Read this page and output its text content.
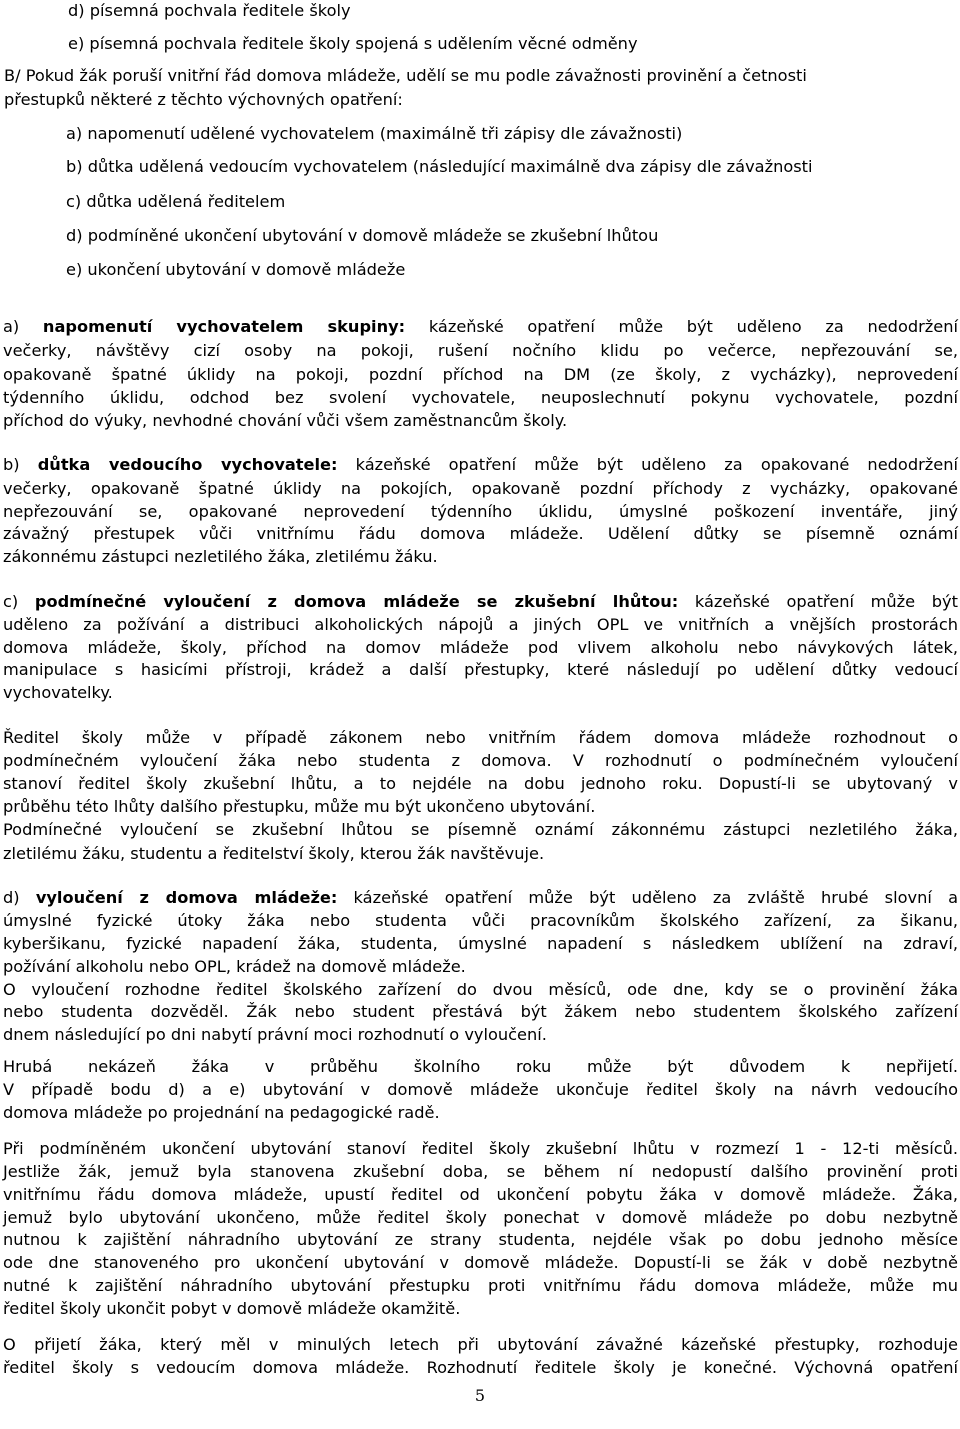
d) písemná pochvala ředitele školy
e) písemná pochvala ředitele školy spojená s udělením věcné odměny
B/ Pokud žák poruší vnitřní řád domova mládeže, udělí se mu podle závažnosti provinění a četnosti
přestupků některé z těchto výchovných opatření:
a) napomenutí udělené vychovatelem (maximálně tři zápisy dle závažnosti)
b) důtka udělená vedoucím vychovatelem (následující maximálně dva zápisy dle závažnosti
c) důtka udělená ředitelem
d) podmíněné ukončení ubytování v domově mládeže se zkušební lhůtou
e) ukončení ubytování v domově mládeže
a) napomenutí vychovatelem skupiny: kázeňské opatření může být uděleno za nedodržení
večerky, návštěvy cizí osoby na pokoji, rušení nočního klidu po večerce, nepřezouvání se,
opakovaně špatné úklidy na pokoji, pozdní příchod na DM (ze školy, z vycházky), neprovedení
týdenního úklidu, odchod bez svolení vychovatele, neuposlechnutí pokynu vychovatele, pozdní
příchod do výuky, nevhodné chování vůči všem zaměstnancům školy.
b) důtka vedoucího vychovatele: kázeňské opatření může být uděleno za opakované nedodržení
večerky, opakovaně špatné úklidy na pokojích, opakovaně pozdní příchody z vycházky, opakované
nepřezouvání se, opakované neprovedení týdenního úklidu, úmyslné poškození inventáře, jiný
závažný přestupek vůči vnitřnímu řádu domova mládeže. Udělení důtky se písemně oznámí
zákonnému zástupci nezletilého žáka, zletilému žáku.
c) podmínečné vyloučení z domova mládeže se zkušební lhůtou: kázeňské opatření může být
uděleno za požívání a distribuci alkoholických nápojů a jiných OPL ve vnitřních a vnějších prostorách
domova mládeže, školy, příchod na domov mládeže pod vlivem alkoholu nebo návykových látek,
manipulace s hasicími přístroji, krádež a další přestupky, které následují po udělení důtky vedoucí
vychovatelky.
Ředitel školy může v případě zákonem nebo vnitřním řádem domova mládeže rozhodnout o
podmínečném vyloučení žáka nebo studenta z domova. V rozhodnutí o podmínečném vyloučení
stanoví ředitel školy zkušební lhůtu, a to nejdéle na dobu jednoho roku. Dopustí-li se ubytovaný v
průběhu této lhůty dalšího přestupku, může mu být ukončeno ubytování.
Podmínečné vyloučení se zkušební lhůtou se písemně oznámí zákonnému zástupci nezletilého žáka,
zletilému žáku, studentu a ředitelství školy, kterou žák navštěvuje.
d) vyloučení z domova mládeže: kázeňské opatření může být uděleno za zvláště hrubé slovní a
úmyslné fyzické útoky žáka nebo studenta vůči pracovníkům školského zařízení, za šikanu,
kyberšikanu, fyzické napadení žáka, studenta, úmyslné napadení s následkem ublížení na zdraví,
požívání alkoholu nebo OPL, krádež na domově mládeže.
O vyloučení rozhodne ředitel školského zařízení do dvou měsíců, ode dne, kdy se o provinění žáka
nebo studenta dozvěděl. Žák nebo student přestává být žákem nebo studentem školského zařízení
dnem následující po dni nabytí právní moci rozhodnutí o vyloučení.
Hrubá nekázeň žáka v průběhu školního roku může být důvodem k nepřijetí.
V případě bodu d) a e) ubytování v domově mládeže ukončuje ředitel školy na návrh vedoucího
domova mládeže po projednání na pedagogické radě.
Při podmíněném ukončení ubytování stanoví ředitel školy zkušební lhůtu v rozmezí 1 - 12-ti měsíců.
Jestliže žák, jemuž byla stanovena zkušební doba, se během ní nedopustí dalšího provinění proti
vnitřnímu řádu domova mládeže, upustí ředitel od ukončení pobytu žáka v domově mládeže. Žáka,
jemuž bylo ubytování ukončeno, může ředitel školy ponechat v domově mládeže po dobu nezbytně
nutnou k zajištění náhradního ubytování ze strany studenta, nejdéle však po dobu jednoho měsíce
ode dne stanoveného pro ukončení ubytování v domově mládeže. Dopustí-li se žák v době nezbytně
nutné k zajištění náhradního ubytování přestupku proti vnitřnímu řádu domova mládeže, může mu
ředitel školy ukončit pobyt v domově mládeže okamžitě.
O přijetí žáka, který měl v minulých letech při ubytování závažné kázeňské přestupky, rozhoduje
ředitel školy s vedoucím domova mládeže. Rozhodnutí ředitele školy je konečné. Výchovná opatření
5
